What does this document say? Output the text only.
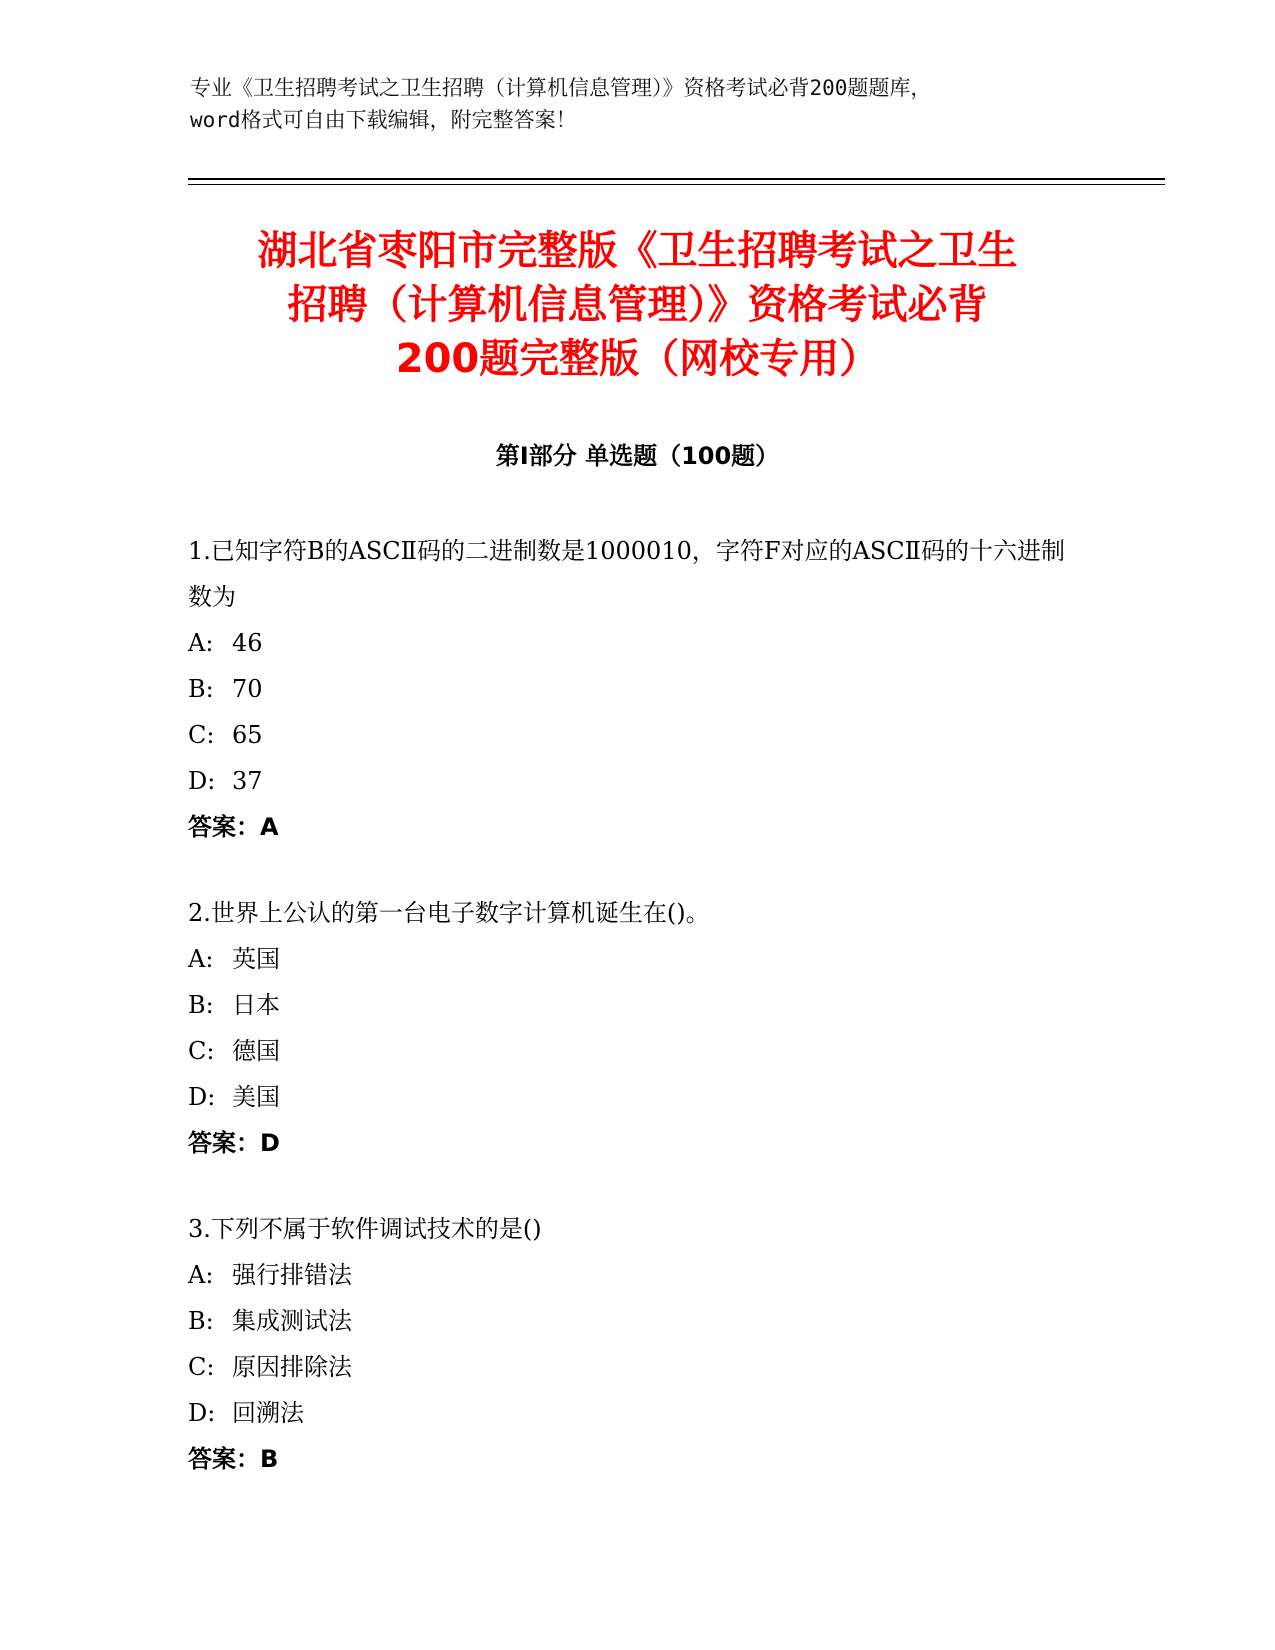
专业《卫生招聘考试之卫生招聘（计算机信息管理）》资格考试必背200题题库，
word格式可自由下载编辑，附完整答案！
湖北省枣阳市完整版《卫生招聘考试之卫生
招聘（计算机信息管理）》资格考试必背
200题完整版（网校专用）
第Ⅰ部分 单选题（100题）

1.已知字符B的ASCⅡ码的二进制数是1000010，字符F对应的ASCⅡ码的十六进制数为

A: 46
B: 70
C: 65
D: 37
答案：A

2.世界上公认的第一台电子数字计算机诞生在()。

A: 英国
B: 日本
C: 德国
D: 美国
答案：D

3.下列不属于软件调试技术的是()

A: 强行排错法
B: 集成测试法
C: 原因排除法
D: 回溯法
答案：B
